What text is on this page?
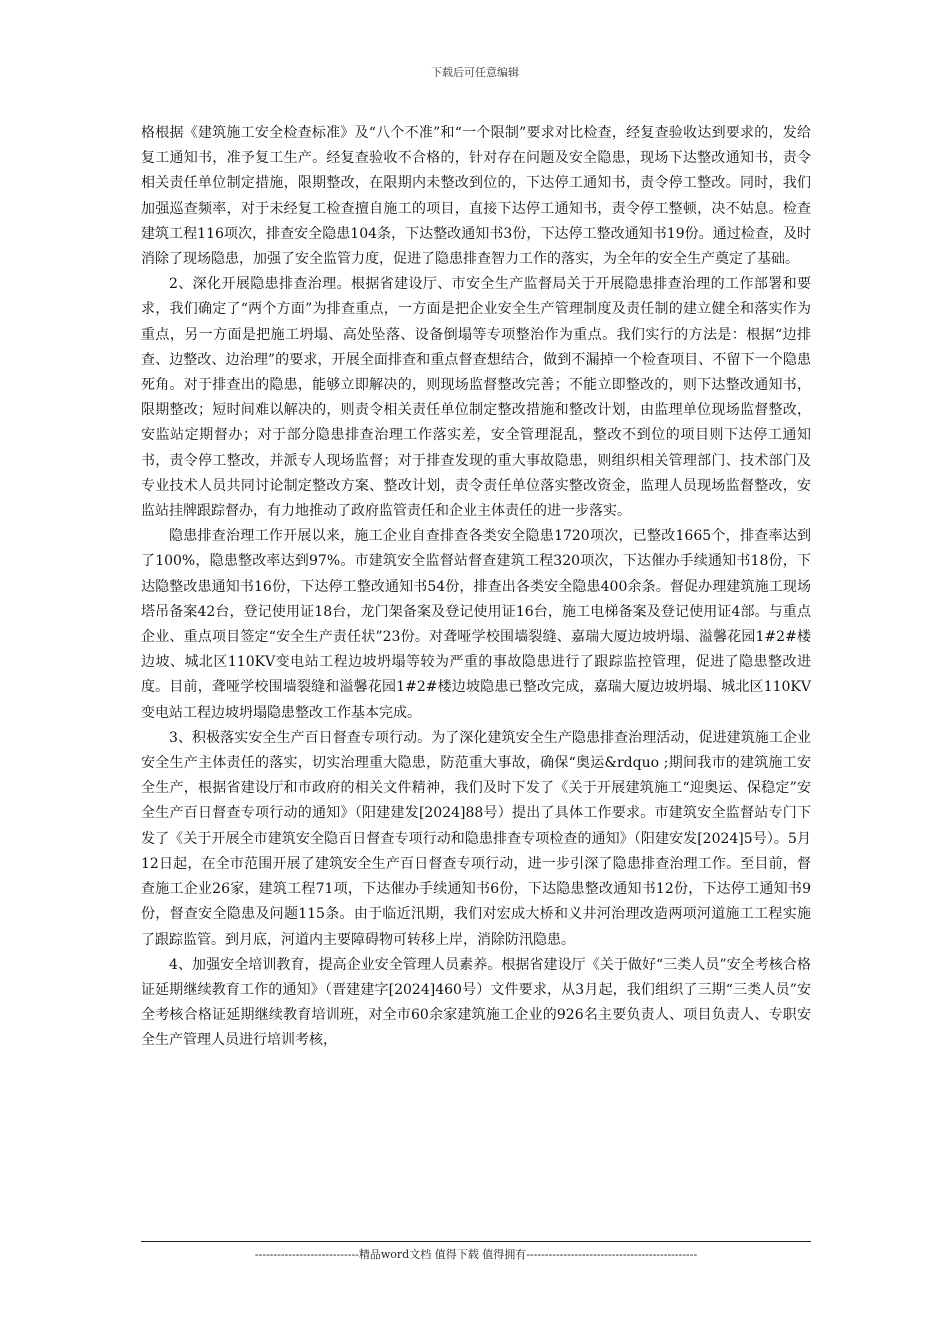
下载后可任意编辑

格根据《建筑施工安全检查标准》及“八个不准”和“一个限制”要求对比检查，经复查验收达到要求的，发给复工通知书，准予复工生产。经复查验收不合格的，针对存在问题及安全隐患，现场下达整改通知书，责令相关责任单位制定措施，限期整改，在限期内未整改到位的，下达停工通知书，责令停工整改。同时，我们加强巡查频率，对于未经复工检查擅自施工的项目，直接下达停工通知书，责令停工整顿，决不姑息。检查建筑工程116项次，排查安全隐患104条，下达整改通知书3份，下达停工整改通知书19份。通过检查，及时消除了现场隐患，加强了安全监管力度，促进了隐患排查智力工作的落实，为全年的安全生产奠定了基础。

2、深化开展隐患排查治理。根据省建设厅、市安全生产监督局关于开展隐患排查治理的工作部署和要求，我们确定了“两个方面”为排查重点，一方面是把企业安全生产管理制度及责任制的建立健全和落实作为重点，另一方面是把施工坍塌、高处坠落、设备倒塌等专项整治作为重点。我们实行的方法是：根据“边排查、边整改、边治理”的要求，开展全面排查和重点督查想结合，做到不漏掉一个检查项目、不留下一个隐患死角。对于排查出的隐患，能够立即解决的，则现场监督整改完善；不能立即整改的，则下达整改通知书，限期整改；短时间难以解决的，则责令相关责任单位制定整改措施和整改计划，由监理单位现场监督整改，安监站定期督办；对于部分隐患排查治理工作落实差，安全管理混乱，整改不到位的项目则下达停工通知书，责令停工整改，并派专人现场监督；对于排查发现的重大事故隐患，则组织相关管理部门、技术部门及专业技术人员共同讨论制定整改方案、整改计划，责令责任单位落实整改资金，监理人员现场监督整改，安监站挂牌跟踪督办，有力地推动了政府监管责任和企业主体责任的进一步落实。

隐患排查治理工作开展以来，施工企业自查排查各类安全隐患1720项次，已整改1665个，排查率达到了100%，隐患整改率达到97%。市建筑安全监督站督查建筑工程320项次，下达催办手续通知书18份，下达隐整改患通知书16份，下达停工整改通知书54份，排查出各类安全隐患400余条。督促办理建筑施工现场塔吊备案42台，登记使用证18台，龙门架备案及登记使用证16台，施工电梯备案及登记使用证4部。与重点企业、重点项目签定“安全生产责任状”23份。对聋哑学校围墙裂缝、嘉瑞大厦边坡坍塌、溢馨花园1#2#楼边坡、城北区110KV变电站工程边坡坍塌等较为严重的事故隐患进行了跟踪监控管理，促进了隐患整改进度。目前，聋哑学校围墙裂缝和溢馨花园1#2#楼边坡隐患已整改完成，嘉瑞大厦边坡坍塌、城北区110KV变电站工程边坡坍塌隐患整改工作基本完成。

3、积极落实安全生产百日督查专项行动。为了深化建筑安全生产隐患排查治理活动，促进建筑施工企业安全生产主体责任的落实，切实治理重大隐患，防范重大事故，确保“奥运&rdquo ;期间我市的建筑施工安全生产，根据省建设厅和市政府的相关文件精神，我们及时下发了《关于开展建筑施工“迎奥运、保稳定”安全生产百日督查专项行动的通知》（阳建建发[2024]88号）提出了具体工作要求。市建筑安全监督站专门下发了《关于开展全市建筑安全隐百日督查专项行动和隐患排查专项检查的通知》（阳建安发[2024]5号）。5月12日起，在全市范围开展了建筑安全生产百日督查专项行动，进一步引深了隐患排查治理工作。至目前，督查施工企业26家，建筑工程71项，下达催办手续通知书6份，下达隐患整改通知书12份，下达停工通知书9份，督查安全隐患及问题115条。由于临近汛期，我们对宏成大桥和义井河治理改造两项河道施工工程实施了跟踪监管。到月底，河道内主要障碍物可转移上岸，消除防汛隐患。

4、加强安全培训教育，提高企业安全管理人员素养。根据省建设厅《关于做好“三类人员”安全考核合格证延期继续教育工作的通知》（晋建建字[2024]460号）文件要求，从3月起，我们组织了三期“三类人员”安全考核合格证延期继续教育培训班，对全市60余家建筑施工企业的926名主要负责人、项目负责人、专职安全生产管理人员进行培训考核，

----------------------------精品word文档 值得下载 值得拥有----------------------------------------------
